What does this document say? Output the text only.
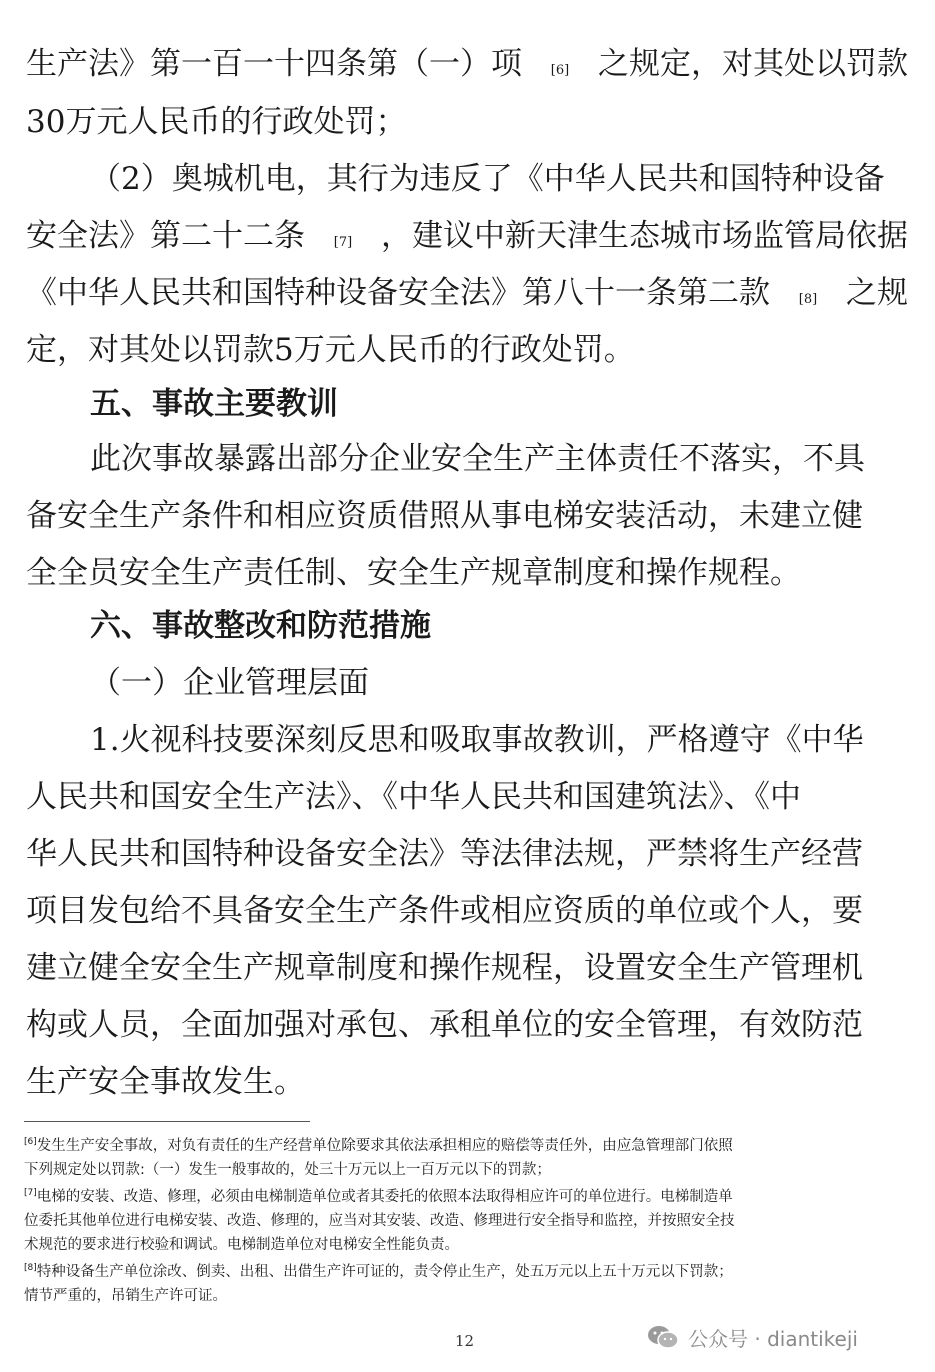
生产法》第一百一十四条第（一）项 [6] 之规定，对其处以罚款
30万元人民币的行政处罚；
（2）奥城机电，其行为违反了《中华人民共和国特种设备
安全法》第二十二条 [7] ，建议中新天津生态城市场监管局依据
《中华人民共和国特种设备安全法》第八十一条第二款 [8] 之规
定，对其处以罚款5万元人民币的行政处罚。
五、事故主要教训
此次事故暴露出部分企业安全生产主体责任不落实，不具
备安全生产条件和相应资质借照从事电梯安装活动，未建立健
全全员安全生产责任制、安全生产规章制度和操作规程。
六、事故整改和防范措施
（一）企业管理层面
1.火视科技要深刻反思和吸取事故教训，严格遵守《中华
人民共和国安全生产法》、《中华人民共和国建筑法》、《中
华人民共和国特种设备安全法》等法律法规，严禁将生产经营
项目发包给不具备安全生产条件或相应资质的单位或个人，要
建立健全安全生产规章制度和操作规程，设置安全生产管理机
构或人员，全面加强对承包、承租单位的安全管理，有效防范
生产安全事故发生。
[6]发生生产安全事故，对负有责任的生产经营单位除要求其依法承担相应的赔偿等责任外，由应急管理部门依照
下列规定处以罚款:（一）发生一般事故的，处三十万元以上一百万元以下的罚款；
[7]电梯的安装、改造、修理，必须由电梯制造单位或者其委托的依照本法取得相应许可的单位进行。电梯制造单
位委托其他单位进行电梯安装、改造、修理的，应当对其安装、改造、修理进行安全指导和监控，并按照安全技
术规范的要求进行校验和调试。电梯制造单位对电梯安全性能负责。
[8]特种设备生产单位涂改、倒卖、出租、出借生产许可证的，责令停止生产，处五万元以上五十万元以下罚款；
情节严重的，吊销生产许可证。
12	公众号 · diantikeji
